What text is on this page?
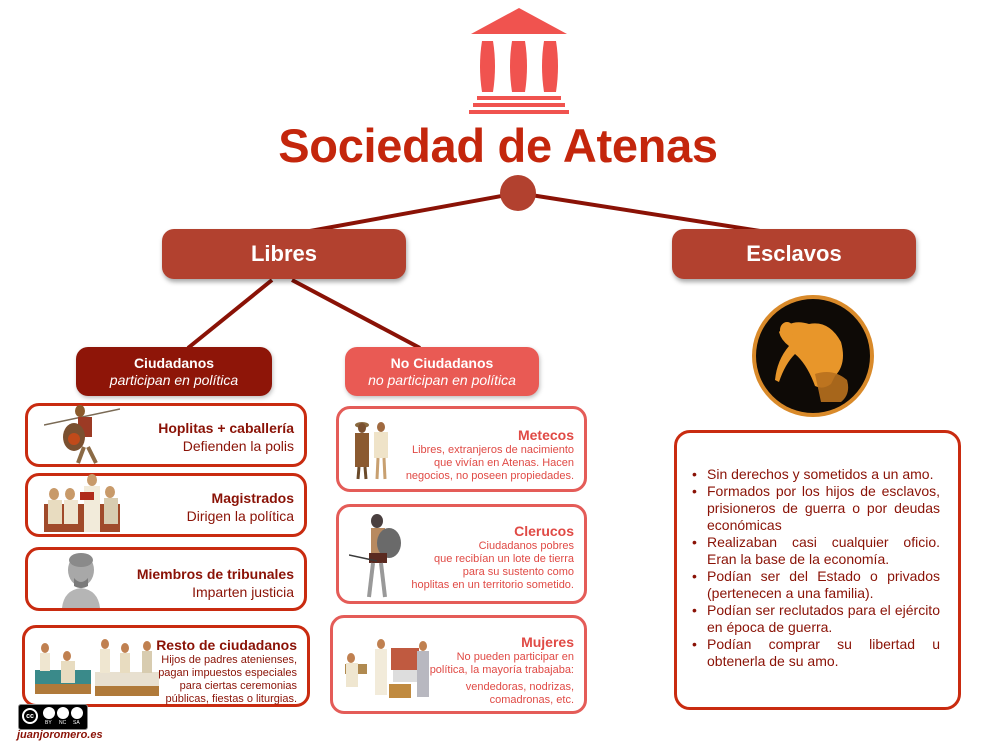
Sociedad de Atenas
Libres	Esclavos
Ciudadanos
participan en política
No Ciudadanos
no participan en política
Hoplitas + caballería
Defienden la polis
Magistrados
Dirigen la política
Miembros de tribunales
Imparten justicia
Resto de ciudadanos
Hijos de padres atenienses,
pagan impuestos especiales
para ciertas ceremonias
públicas, fiestas o liturgias.
Metecos
Libres, extranjeros de nacimiento
que vivían en Atenas. Hacen
negocios, no poseen propiedades.
Clerucos
Ciudadanos pobres
que recibían un lote de tierra
para su sustento como
hoplitas en un territorio sometido.
Mujeres
No pueden participar en
política, la mayoría trabajaba:
vendedoras, nodrizas,
comadronas, etc.
• Sin derechos y sometidos a un amo.
• Formados por los hijos de esclavos, prisioneros de guerra o por deudas económicas
• Realizaban casi cualquier oficio. Eran la base de la economía.
• Podían ser del Estado o privados (pertenecen a una familia).
• Podían ser reclutados para el ejército en época de guerra.
• Podían comprar su libertad u obtenerla de su amo.
cc
BY NC SA
juanjoromero.es
